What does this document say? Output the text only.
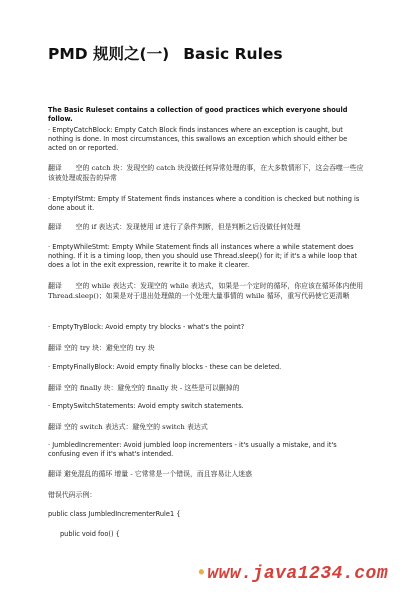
PMD 规则之(一) Basic Rules
The Basic Ruleset contains a collection of good practices which everyone should follow.
· EmptyCatchBlock: Empty Catch Block finds instances where an exception is caught, but nothing is done. In most circumstances, this swallows an exception which should either be acted on or reported.
翻译　　空的 catch 块：发现空的 catch 块没做任何异常处理的事，在大多数情形下，这会吞噬一些应该被处理或报告的异常
· EmptyIfStmt: Empty If Statement finds instances where a condition is checked but nothing is done about it.
翻译　　空的 if 表达式：发现使用 if 进行了条件判断，但是判断之后没做任何处理
· EmptyWhileStmt: Empty While Statement finds all instances where a while statement does nothing. If it is a timing loop, then you should use Thread.sleep() for it; if it's a while loop that does a lot in the exit expression, rewrite it to make it clearer.
翻译　　空的 while 表达式：发现空的 while 表达式，如果是一个定时的循环，你应该在循环体内使用 Thread.sleep()；如果是对于退出处理做的一个处理大量事情的 while 循环，重写代码使它更清晰
· EmptyTryBlock: Avoid empty try blocks - what's the point?
翻译 空的 try 块：避免空的 try 块
· EmptyFinallyBlock: Avoid empty finally blocks - these can be deleted.
翻译 空的 finally 块：避免空的 finally 块 - 这些是可以删掉的
· EmptySwitchStatements: Avoid empty switch statements.
翻译 空的 switch 表达式：避免空的 switch 表达式
· JumbledIncrementer: Avoid jumbled loop incrementers - it's usually a mistake, and it's confusing even if it's what's intended.
翻译 避免混乱的循环 增量 - 它常常是一个错误，而且容易让人迷惑
错误代码示例：
public class JumbledIncrementerRule1 {
public void foo() {
•www.java1234.com
